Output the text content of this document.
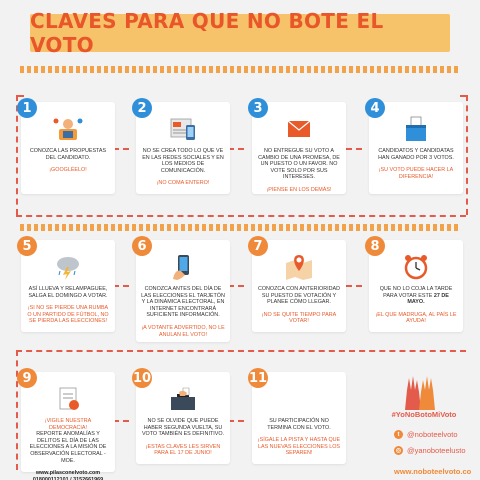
CLAVES PARA QUE NO BOTE EL VOTO
1
CONOZCA LAS PROPUESTAS DEL CANDIDATO.
¡GOOGLÉELO!
2
NO SE CREA TODO LO QUE VE EN LAS REDES SOCIALES Y EN LOS MEDIOS DE COMUNICACIÓN.
¡NO COMA ENTERO!
3
NO ENTREGUE SU VOTO A CAMBIO DE UNA PROMESA, DE UN PUESTO O UN FAVOR. NO VOTE SOLO POR SUS INTERESES.
¡PIENSE EN LOS DEMÁS!
4
CANDIDATOS Y CANDIDATAS HAN GANADO POR 3 VOTOS.
¡SU VOTO PUEDE HACER LA DIFERENCIA!
5
ASÍ LLUEVA Y RELAMPAGUEE, SALGA EL DOMINGO A VOTAR.
¡SI NO SE PIERDE UNA RUMBA O UN PARTIDO DE FÚTBOL, NO SE PIERDA LAS ELECCIONES!
6
CONOZCA ANTES DEL DÍA DE LAS ELECCIONES EL TARJETÓN Y LA DINÁMICA ELECTORAL, EN INTERNET ENCONTRARÁ SUFICIENTE INFORMACIÓN.
¡A VOTANTE ADVERTIDO, NO LE ANULAN EL VOTO!
7
CONOZCA CON ANTERIORIDAD SU PUESTO DE VOTACIÓN Y PLANEE CÓMO LLEGAR.
¡NO SE QUITE TIEMPO PARA VOTAR!
8
QUE NO LO COJA LA TARDE PARA VOTAR ESTE 27 DE MAYO.
¡EL QUE MADRUGA, AL PAÍS LE AYUDA!
9
¡VIGILE NUESTRA DEMOCRACIA!
REPORTE ANOMALÍAS Y DELITOS EL DÍA DE LAS ELECCIONES A LA MISIÓN DE OBSERVACIÓN ELECTORAL - MOE.
www.pilasconelvoto.com
018000112101 / 3152661969
10
NO SE OLVIDE QUE PUEDE HABER SEGUNDA VUELTA, SU VOTO TAMBIÉN ES DEFINITIVO.
¡ESTAS CLAVES LES SIRVEN PARA EL 17 DE JUNIO!
11
SU PARTICIPACIÓN NO TERMINA CON EL VOTO.
¡SÍGALE LA PISTA Y HASTA QUE LAS NUEVAS ELECCIONES LOS SEPAREN!
#YoNoBotoMiVoto
t	@noboteelvoto
◎ @yanoboteelusto
www.noboteelvoto.co
